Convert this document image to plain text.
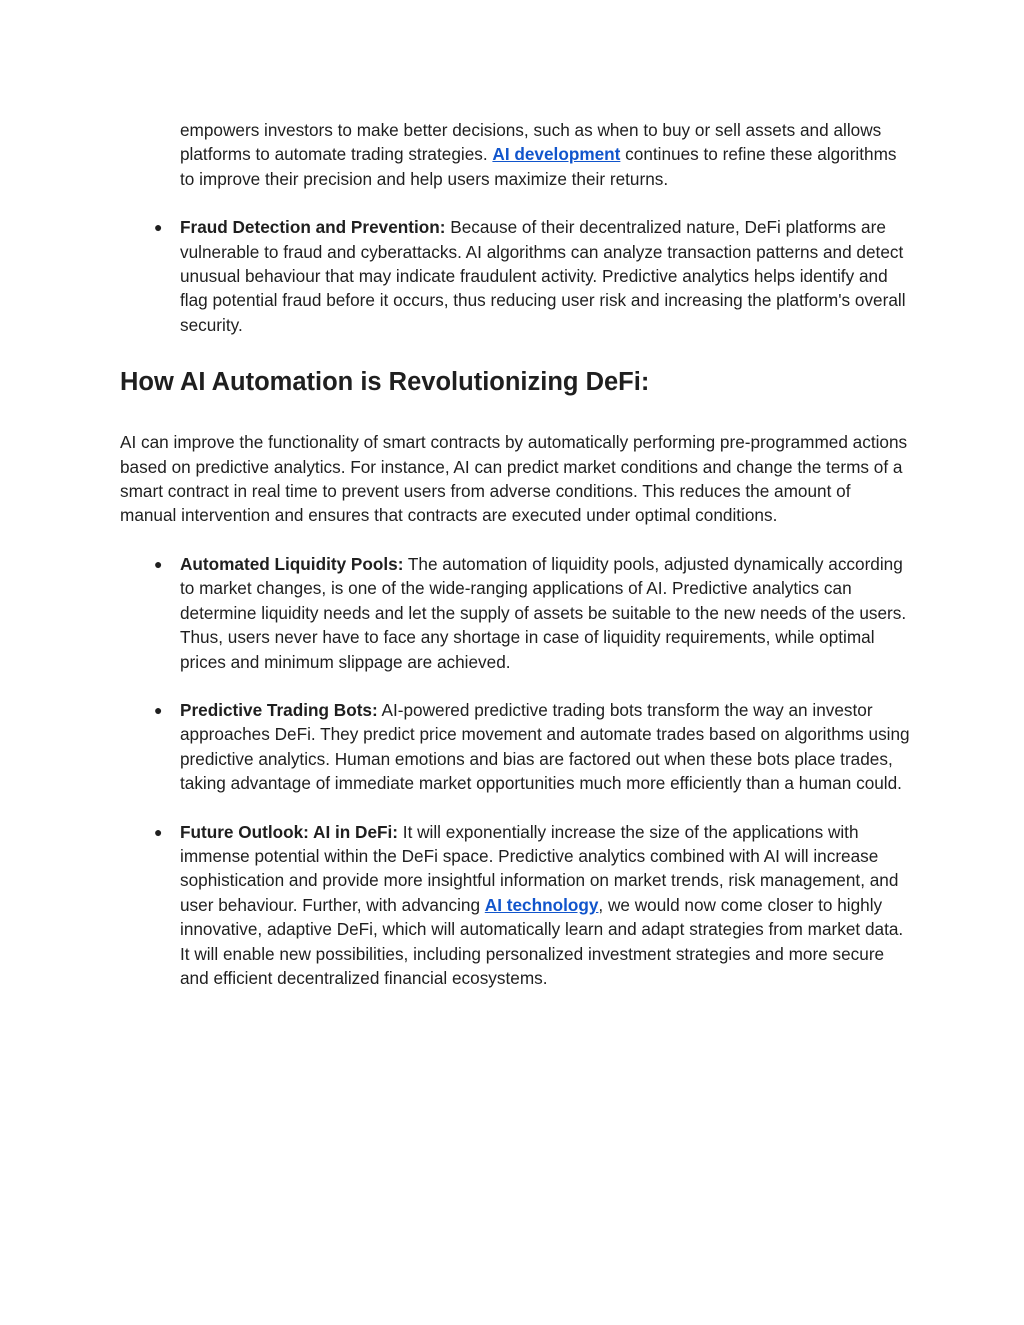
empowers investors to make better decisions, such as when to buy or sell assets and allows platforms to automate trading strategies. AI development continues to refine these algorithms to improve their precision and help users maximize their returns.

● Fraud Detection and Prevention: Because of their decentralized nature, DeFi platforms are vulnerable to fraud and cyberattacks. AI algorithms can analyze transaction patterns and detect unusual behaviour that may indicate fraudulent activity. Predictive analytics helps identify and flag potential fraud before it occurs, thus reducing user risk and increasing the platform's overall security.
How AI Automation is Revolutionizing DeFi:

AI can improve the functionality of smart contracts by automatically performing pre-programmed actions based on predictive analytics. For instance, AI can predict market conditions and change the terms of a smart contract in real time to prevent users from adverse conditions. This reduces the amount of manual intervention and ensures that contracts are executed under optimal conditions.

● Automated Liquidity Pools: The automation of liquidity pools, adjusted dynamically according to market changes, is one of the wide-ranging applications of AI. Predictive analytics can determine liquidity needs and let the supply of assets be suitable to the new needs of the users. Thus, users never have to face any shortage in case of liquidity requirements, while optimal prices and minimum slippage are achieved.
● Predictive Trading Bots: AI-powered predictive trading bots transform the way an investor approaches DeFi. They predict price movement and automate trades based on algorithms using predictive analytics. Human emotions and bias are factored out when these bots place trades, taking advantage of immediate market opportunities much more efficiently than a human could.
● Future Outlook: AI in DeFi: It will exponentially increase the size of the applications with immense potential within the DeFi space. Predictive analytics combined with AI will increase sophistication and provide more insightful information on market trends, risk management, and user behaviour. Further, with advancing AI technology, we would now come closer to highly innovative, adaptive DeFi, which will automatically learn and adapt strategies from market data. It will enable new possibilities, including personalized investment strategies and more secure and efficient decentralized financial ecosystems.
